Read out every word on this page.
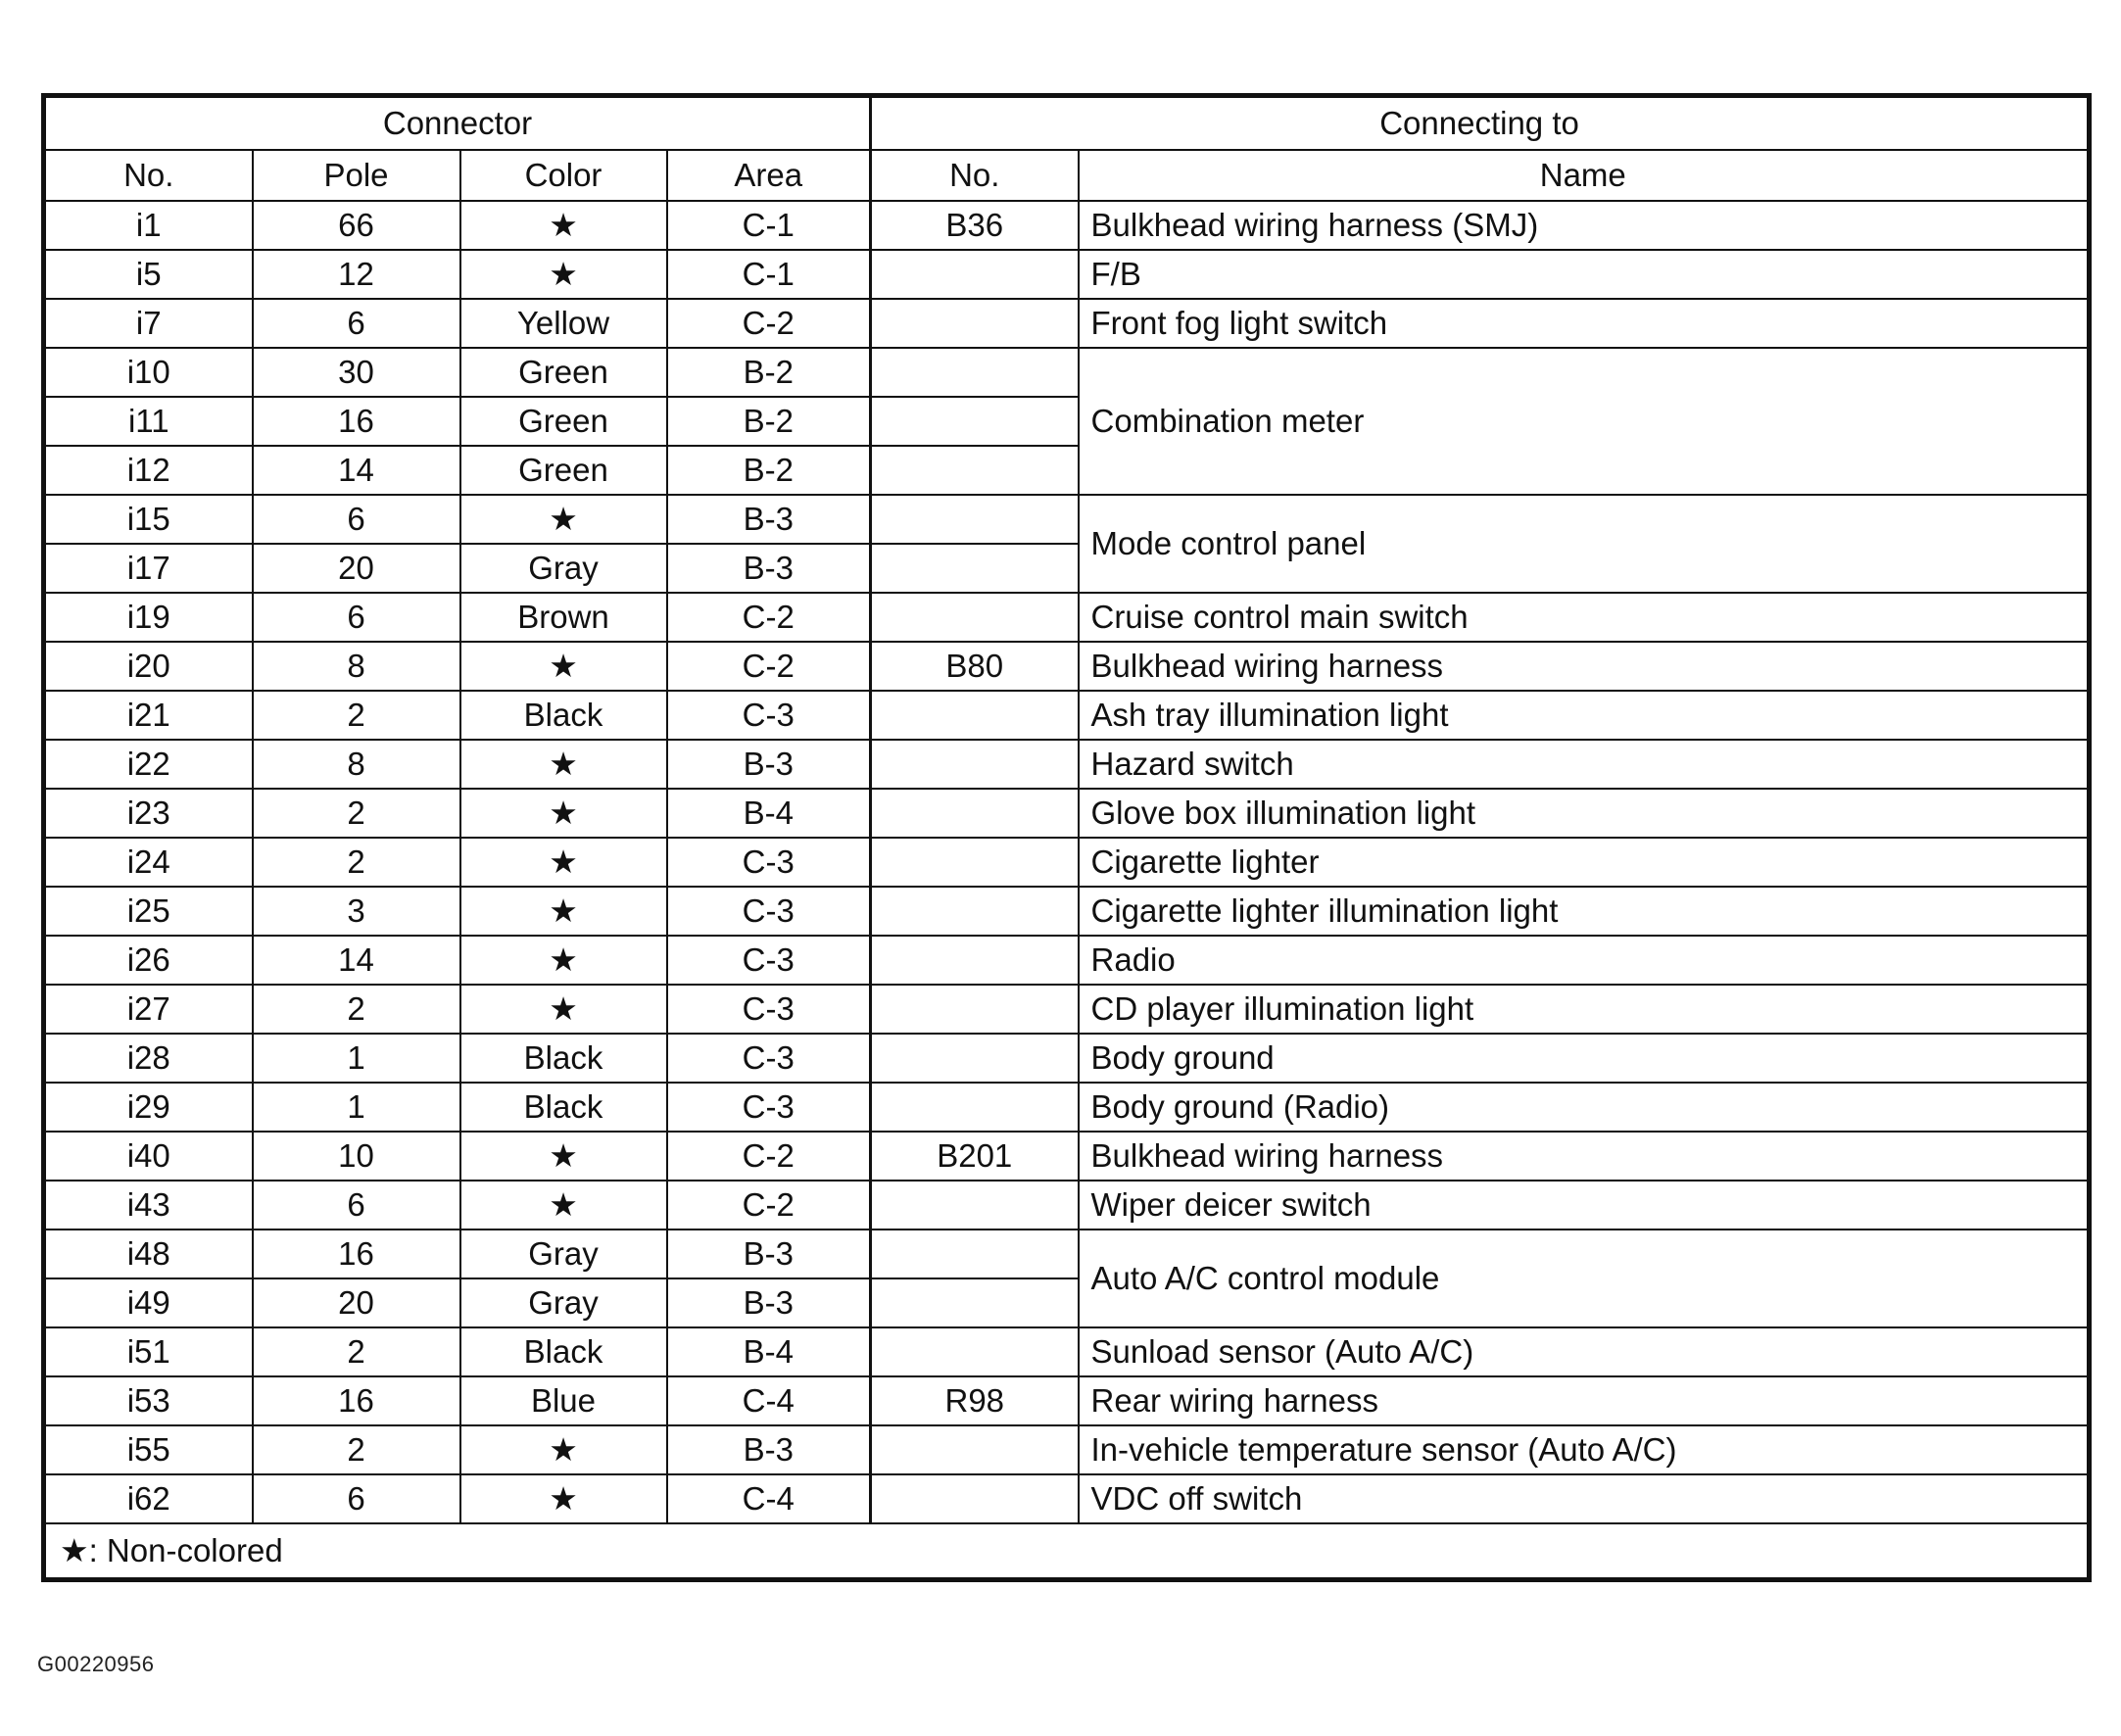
Connector				Connecting to	
No.	Pole	Color	Area	No.	Name
i1	66	★	C-1	B36	Bulkhead wiring harness (SMJ)
i5	12	★	C-1		F/B
i7	6	Yellow	C-2		Front fog light switch
i10	30	Green	B-2		Combination meter
i11	16	Green	B-2		
i12	14	Green	B-2		
i15	6	★	B-3		Mode control panel
i17	20	Gray	B-3		
i19	6	Brown	C-2		Cruise control main switch
i20	8	★	C-2	B80	Bulkhead wiring harness
i21	2	Black	C-3		Ash tray illumination light
i22	8	★	B-3		Hazard switch
i23	2	★	B-4		Glove box illumination light
i24	2	★	C-3		Cigarette lighter
i25	3	★	C-3		Cigarette lighter illumination light
i26	14	★	C-3		Radio
i27	2	★	C-3		CD player illumination light
i28	1	Black	C-3		Body ground
i29	1	Black	C-3		Body ground (Radio)
i40	10	★	C-2	B201	Bulkhead wiring harness
i43	6	★	C-2		Wiper deicer switch
i48	16	Gray	B-3		Auto A/C control module
i49	20	Gray	B-3		
i51	2	Black	B-4		Sunload sensor (Auto A/C)
i53	16	Blue	C-4	R98	Rear wiring harness
i55	2	★	B-3		In-vehicle temperature sensor (Auto A/C)
i62	6	★	C-4		VDC off switch
★: Non-colored					
G00220956
